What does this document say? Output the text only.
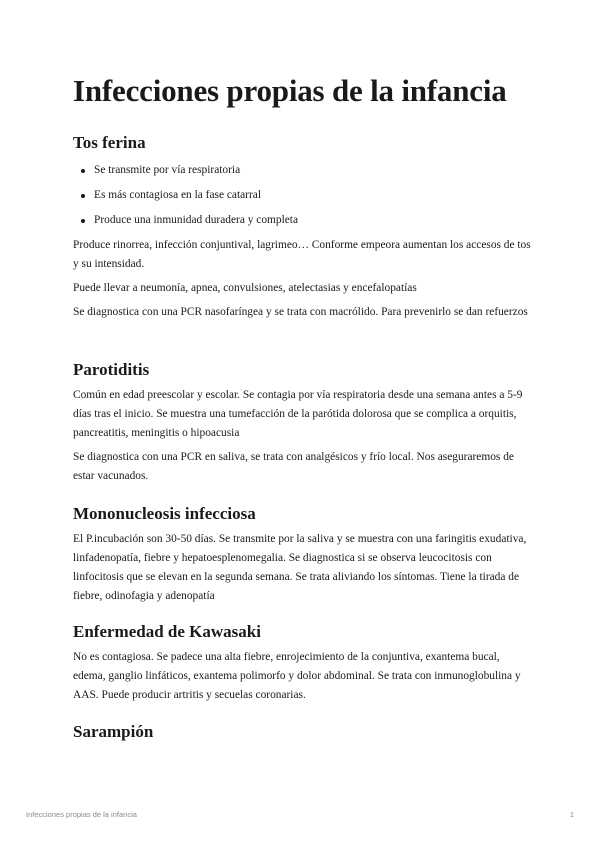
Infecciones propias de la infancia
Tos ferina
Se transmite por vía respiratoria
Es más contagiosa en la fase catarral
Produce una inmunidad duradera y completa

Produce rinorrea, infección conjuntival, lagrimeo… Conforme empeora aumentan los accesos de tos y su intensidad.

Puede llevar a neumonía, apnea, convulsiones, atelectasias y encefalopatías

Se diagnostica con una PCR nasofaríngea y se trata con macrólido. Para prevenirlo se dan refuerzos

Parotiditis

Común en edad preescolar y escolar. Se contagia por vía respiratoria desde una semana antes a 5-9 días tras el inicio. Se muestra una tumefacción de la parótida dolorosa que se complica a orquitis, pancreatitis, meningitis o hipoacusia

Se diagnostica con una PCR en saliva, se trata con analgésicos y frío local. Nos aseguraremos de estar vacunados.

Mononucleosis infecciosa

El P.incubación son 30-50 días. Se transmite por la saliva y se muestra con una faringitis exudativa, linfadenopatía, fiebre y hepatoesplenomegalia. Se diagnostica si se observa leucocitosis con linfocitosis que se elevan en la segunda semana. Se trata aliviando los síntomas. Tiene la tirada de fiebre, odinofagia y adenopatía

Enfermedad de Kawasaki

No es contagiosa. Se padece una alta fiebre, enrojecimiento de la conjuntiva, exantema bucal, edema, ganglio linfáticos, exantema polimorfo y dolor abdominal. Se trata con inmunoglobulina y AAS. Puede producir artritis y secuelas coronarias.

Sarampión
Infecciones propias de la infancia	1
